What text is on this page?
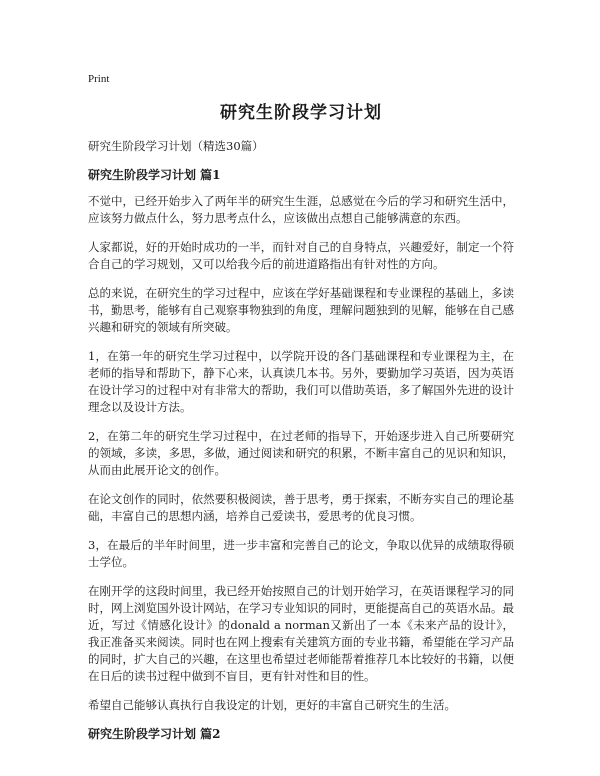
Print
研究生阶段学习计划
研究生阶段学习计划（精选30篇）
研究生阶段学习计划 篇1

不觉中，已经开始步入了两年半的研究生生涯，总感觉在今后的学习和研究生活中，应该努力做点什么，努力思考点什么，应该做出点想自己能够满意的东西。

人家都说，好的开始时成功的一半，而针对自己的自身特点，兴趣爱好，制定一个符合自己的学习规划，又可以给我今后的前进道路指出有针对性的方向。

总的来说，在研究生的学习过程中，应该在学好基础课程和专业课程的基础上，多读书，勤思考，能够有自己观察事物独到的角度，理解问题独到的见解，能够在自己感兴趣和研究的领域有所突破。

1，在第一年的研究生学习过程中，以学院开设的各门基础课程和专业课程为主，在老师的指导和帮助下，静下心来，认真读几本书。另外，要勤加学习英语，因为英语在设计学习的过程中对有非常大的帮助，我们可以借助英语，多了解国外先进的设计理念以及设计方法。

2，在第二年的研究生学习过程中，在过老师的指导下，开始逐步进入自己所要研究的领域，多读，多思，多做，通过阅读和研究的积累，不断丰富自己的见识和知识，从而由此展开论文的创作。

在论文创作的同时，依然要积极阅读，善于思考，勇于探索，不断夯实自己的理论基础，丰富自己的思想内涵，培养自己爱读书，爱思考的优良习惯。

3，在最后的半年时间里，进一步丰富和完善自己的论文，争取以优异的成绩取得硕士学位。

在刚开学的这段时间里，我已经开始按照自己的计划开始学习，在英语课程学习的同时，网上浏览国外设计网站，在学习专业知识的同时，更能提高自己的英语水品。最近，写过《情感化设计》的donald a norman又新出了一本《未来产品的设计》，我正准备买来阅读。同时也在网上搜索有关建筑方面的专业书籍，希望能在学习产品的同时，扩大自己的兴趣，在这里也希望过老师能帮着推荐几本比较好的书籍，以便在日后的读书过程中做到不盲目，更有针对性和目的性。

希望自己能够认真执行自我设定的计划，更好的丰富自己研究生的生活。

研究生阶段学习计划 篇2
